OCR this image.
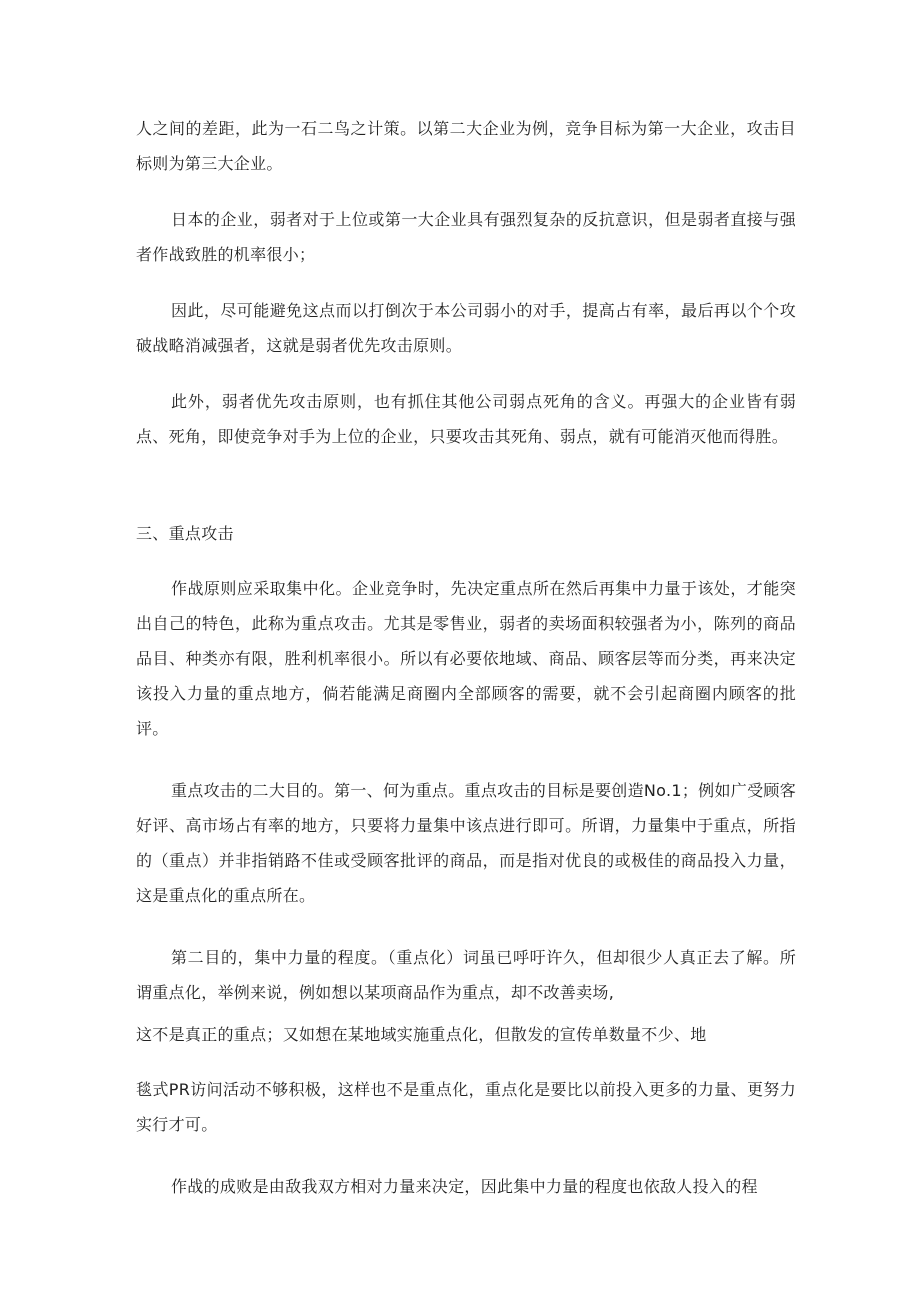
人之间的差距，此为一石二鸟之计策。以第二大企业为例，竞争目标为第一大企业，攻击目标则为第三大企业。

日本的企业，弱者对于上位或第一大企业具有强烈复杂的反抗意识，但是弱者直接与强者作战致胜的机率很小；

因此，尽可能避免这点而以打倒次于本公司弱小的对手，提高占有率，最后再以个个攻破战略消减强者，这就是弱者优先攻击原则。

此外，弱者优先攻击原则，也有抓住其他公司弱点死角的含义。再强大的企业皆有弱点、死角，即使竞争对手为上位的企业，只要攻击其死角、弱点，就有可能消灭他而得胜。

三、重点攻击

作战原则应采取集中化。企业竞争时，先决定重点所在然后再集中力量于该处，才能突出自己的特色，此称为重点攻击。尤其是零售业，弱者的卖场面积较强者为小，陈列的商品品目、种类亦有限，胜利机率很小。所以有必要依地域、商品、顾客层等而分类，再来决定该投入力量的重点地方，倘若能满足商圈内全部顾客的需要，就不会引起商圈内顾客的批评。

重点攻击的二大目的。第一、何为重点。重点攻击的目标是要创造No.1；例如广受顾客好评、高市场占有率的地方，只要将力量集中该点进行即可。所谓，力量集中于重点，所指的（重点）并非指销路不佳或受顾客批评的商品，而是指对优良的或极佳的商品投入力量，这是重点化的重点所在。

第二目的，集中力量的程度。（重点化）词虽已呼吁许久，但却很少人真正去了解。所谓重点化，举例来说，例如想以某项商品作为重点，却不改善卖场,

这不是真正的重点；又如想在某地域实施重点化，但散发的宣传单数量不少、地

毯式PR访问活动不够积极，这样也不是重点化，重点化是要比以前投入更多的力量、更努力实行才可。

作战的成败是由敌我双方相对力量来决定，因此集中力量的程度也依敌人投入的程
